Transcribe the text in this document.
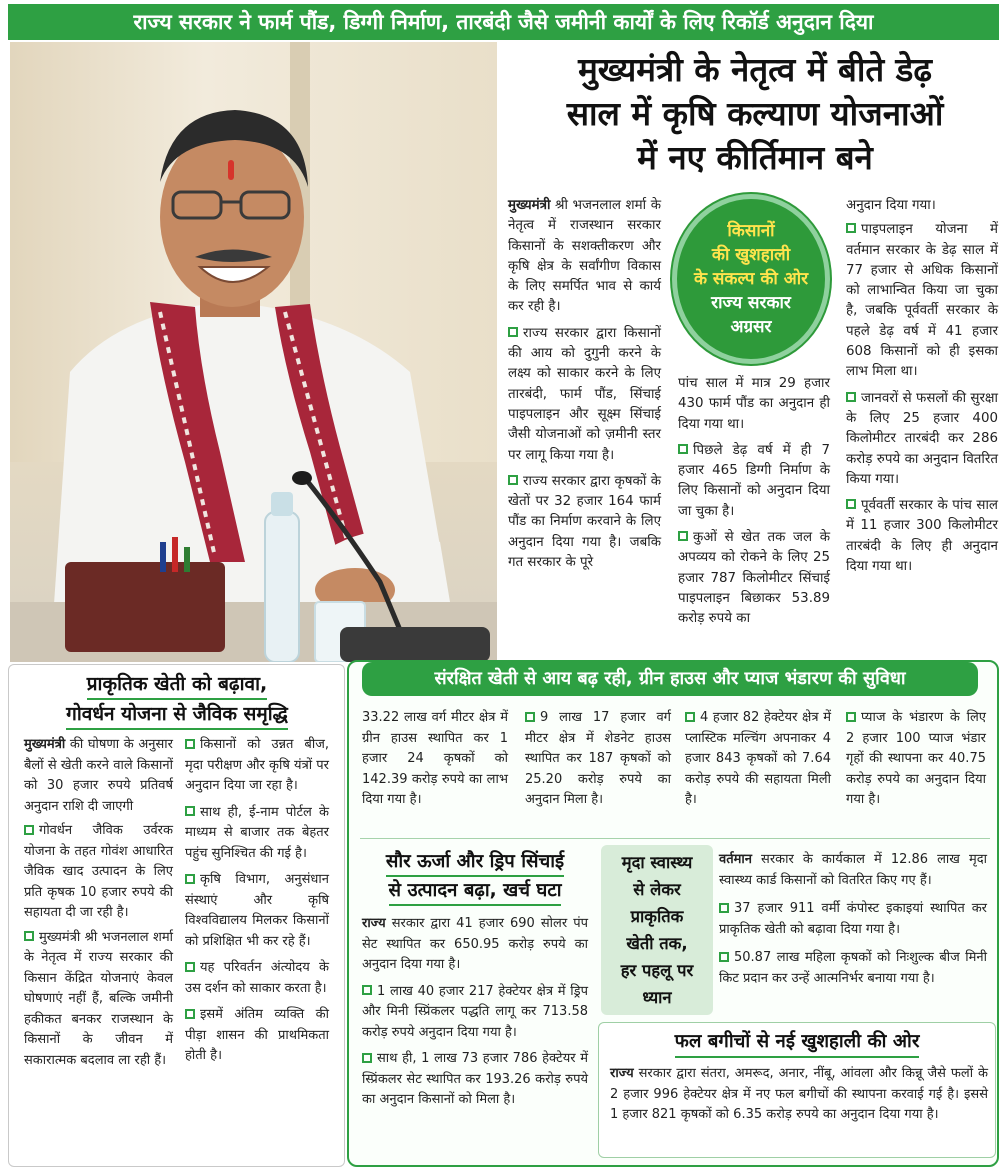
राज्य सरकार ने फार्म पौंड, डिग्गी निर्माण, तारबंदी जैसे जमीनी कार्यों के लिए रिकॉर्ड अनुदान दिया
मुख्यमंत्री के नेतृत्व में बीते डेढ़
साल में कृषि कल्याण योजनाओं
में नए कीर्तिमान बने

मुख्यमंत्री श्री भजनलाल शर्मा के नेतृत्व में राजस्थान सरकार किसानों के सशक्तीकरण और कृषि क्षेत्र के सर्वांगीण विकास के लिए समर्पित भाव से कार्य कर रही है।

राज्य सरकार द्वारा किसानों की आय को दुगुनी करने के लक्ष्य को साकार करने के लिए तारबंदी, फार्म पौंड, सिंचाई पाइपलाइन और सूक्ष्म सिंचाई जैसी योजनाओं को ज़मीनी स्तर पर लागू किया गया है।

राज्य सरकार द्वारा कृषकों के खेतों पर 32 हजार 164 फार्म पौंड का निर्माण करवाने के लिए अनुदान दिया गया है। जबकि गत सरकार के पूरे

किसानों
की खुशहाली
के संकल्प की ओर
राज्य सरकार
अग्रसर

पांच साल में मात्र 29 हजार 430 फार्म पौंड का अनुदान ही दिया गया था।

पिछले डेढ़ वर्ष में ही 7 हजार 465 डिग्गी निर्माण के लिए किसानों को अनुदान दिया जा चुका है।

कुओं से खेत तक जल के अपव्यय को रोकने के लिए 25 हजार 787 किलोमीटर सिंचाई पाइपलाइन बिछाकर 53.89 करोड़ रुपये का

अनुदान दिया गया।

पाइपलाइन योजना में वर्तमान सरकार के डेढ़ साल में 77 हजार से अधिक किसानों को लाभान्वित किया जा चुका है, जबकि पूर्ववर्ती सरकार के पहले डेढ़ वर्ष में 41 हजार 608 किसानों को ही इसका लाभ मिला था।

जानवरों से फसलों की सुरक्षा के लिए 25 हजार 400 किलोमीटर तारबंदी कर 286 करोड़ रुपये का अनुदान वितरित किया गया।

पूर्ववर्ती सरकार के पांच साल में 11 हजार 300 किलोमीटर तारबंदी के लिए ही अनुदान दिया गया था।

प्राकृतिक खेती को बढ़ावा,
गोवर्धन योजना से जैविक समृद्धि

मुख्यमंत्री की घोषणा के अनुसार बैलों से खेती करने वाले किसानों को 30 हजार रुपये प्रतिवर्ष अनुदान राशि दी जाएगी

गोवर्धन जैविक उर्वरक योजना के तहत गोवंश आधारित जैविक खाद उत्पादन के लिए प्रति कृषक 10 हजार रुपये की सहायता दी जा रही है।

मुख्यमंत्री श्री भजनलाल शर्मा के नेतृत्व में राज्य सरकार की किसान केंद्रित योजनाएं केवल घोषणाएं नहीं हैं, बल्कि जमीनी हकीकत बनकर राजस्थान के किसानों के जीवन में सकारात्मक बदलाव ला रही हैं।

किसानों को उन्नत बीज, मृदा परीक्षण और कृषि यंत्रों पर अनुदान दिया जा रहा है।

साथ ही, ई-नाम पोर्टल के माध्यम से बाजार तक बेहतर पहुंच सुनिश्चित की गई है।

कृषि विभाग, अनुसंधान संस्थाएं और कृषि विश्वविद्यालय मिलकर किसानों को प्रशिक्षित भी कर रहे हैं।

यह परिवर्तन अंत्योदय के उस दर्शन को साकार करता है।

इसमें अंतिम व्यक्ति की पीड़ा शासन की प्राथमिकता होती है।

संरक्षित खेती से आय बढ़ रही, ग्रीन हाउस और प्याज भंडारण की सुविधा

33.22 लाख वर्ग मीटर क्षेत्र में ग्रीन हाउस स्थापित कर 1 हजार 24 कृषकों को 142.39 करोड़ रुपये का लाभ दिया गया है।

9 लाख 17 हजार वर्ग मीटर क्षेत्र में शेडनेट हाउस स्थापित कर 187 कृषकों को 25.20 करोड़ रुपये का अनुदान मिला है।

4 हजार 82 हेक्टेयर क्षेत्र में प्लास्टिक मल्चिंग अपनाकर 4 हजार 843 कृषकों को 7.64 करोड़ रुपये की सहायता मिली है।

प्याज के भंडारण के लिए 2 हजार 100 प्याज भंडार गृहों की स्थापना कर 40.75 करोड़ रुपये का अनुदान दिया गया है।

सौर ऊर्जा और ड्रिप सिंचाई
से उत्पादन बढ़ा, खर्च घटा

राज्य सरकार द्वारा 41 हजार 690 सोलर पंप सेट स्थापित कर 650.95 करोड़ रुपये का अनुदान दिया गया है।

1 लाख 40 हजार 217 हेक्टेयर क्षेत्र में ड्रिप और मिनी स्प्रिंकलर पद्धति लागू कर 713.58 करोड़ रुपये अनुदान दिया गया है।

साथ ही, 1 लाख 73 हजार 786 हेक्टेयर में स्प्रिंकलर सेट स्थापित कर 193.26 करोड़ रुपये का अनुदान किसानों को मिला है।

मृदा स्वास्थ्य
से लेकर
प्राकृतिक
खेती तक,
हर पहलू पर
ध्यान

वर्तमान सरकार के कार्यकाल में 12.86 लाख मृदा स्वास्थ्य कार्ड किसानों को वितरित किए गए हैं।

37 हजार 911 वर्मी कंपोस्ट इकाइयां स्थापित कर प्राकृतिक खेती को बढ़ावा दिया गया है।

50.87 लाख महिला कृषकों को निःशुल्क बीज मिनी किट प्रदान कर उन्हें आत्मनिर्भर बनाया गया है।

फल बगीचों से नई खुशहाली की ओर

राज्य सरकार द्वारा संतरा, अमरूद, अनार, नींबू, आंवला और किन्नू जैसे फलों के 2 हजार 996 हेक्टेयर क्षेत्र में नए फल बगीचों की स्थापना करवाई गई है। इससे 1 हजार 821 कृषकों को 6.35 करोड़ रुपये का अनुदान दिया गया है।
